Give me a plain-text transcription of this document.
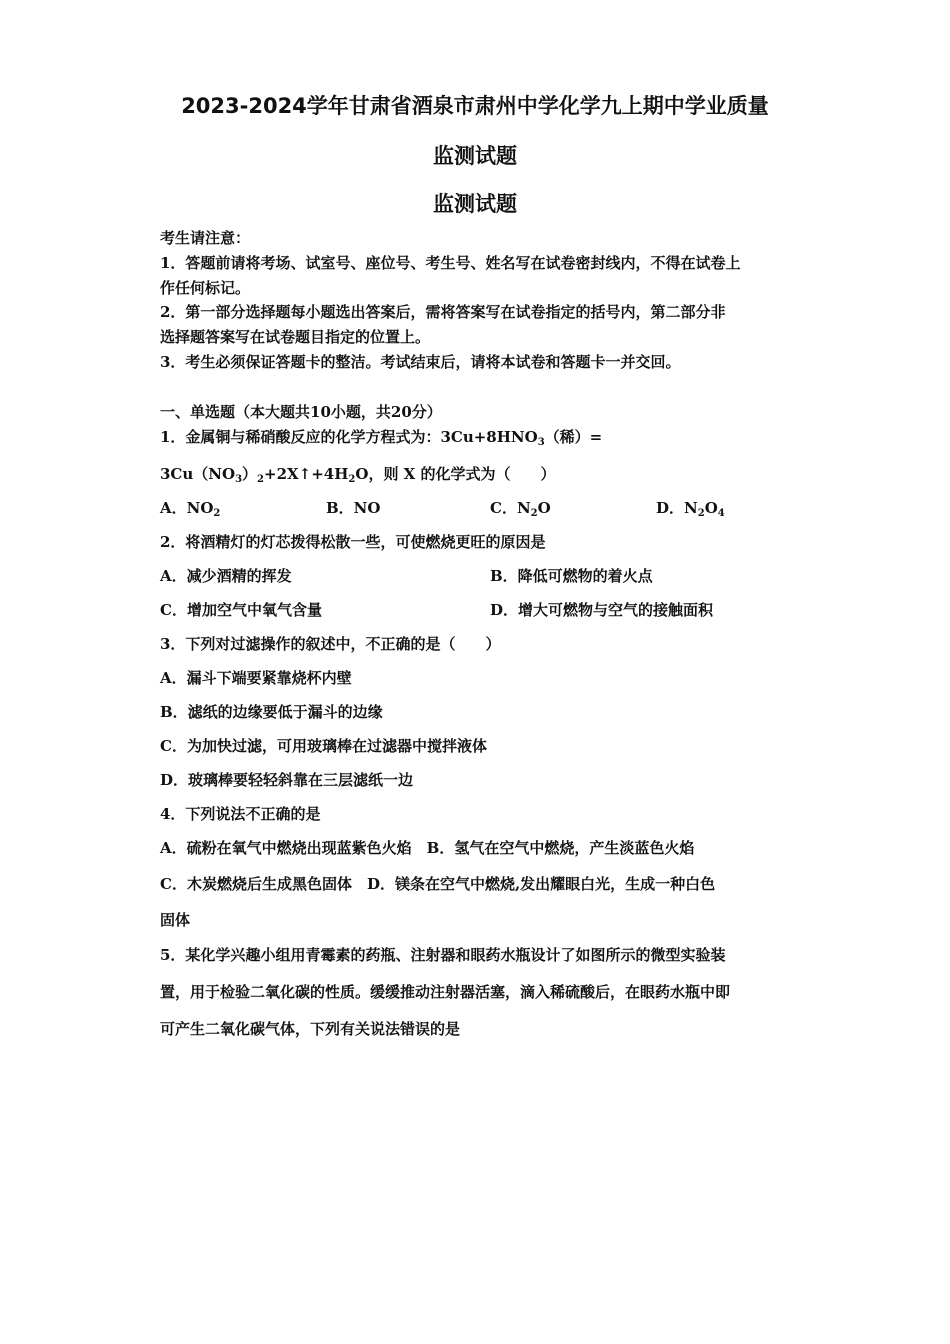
2023-2024学年甘肃省酒泉市肃州中学化学九上期中学业质量
监测试题
监测试题
考生请注意：
1．答题前请将考场、试室号、座位号、考生号、姓名写在试卷密封线内，不得在试卷上
作任何标记。
2．第一部分选择题每小题选出答案后，需将答案写在试卷指定的括号内，第二部分非
选择题答案写在试卷题目指定的位置上。
3．考生必须保证答题卡的整洁。考试结束后，请将本试卷和答题卡一并交回。
一、单选题（本大题共10小题，共20分）
1．金属铜与稀硝酸反应的化学方程式为：$3Cu+8HNO_3$（稀）=
$3Cu(NO_3)_2+2X↑+4H_2O$，则 X 的化学式为（　　）
A．$NO_2$	B．NO	C．$N_2O$	D．$N_2O_4$
2．将酒精灯的灯芯拨得松散一些，可使燃烧更旺的原因是
A．减少酒精的挥发	B．降低可燃物的着火点
C．增加空气中氧气含量	D．增大可燃物与空气的接触面积
3．下列对过滤操作的叙述中，不正确的是（　　）
A．漏斗下端要紧靠烧杯内壁
B．滤纸的边缘要低于漏斗的边缘
C．为加快过滤，可用玻璃棒在过滤器中搅拌液体
D．玻璃棒要轻轻斜靠在三层滤纸一边
4．下列说法不正确的是
A．硫粉在氧气中燃烧出现蓝紫色火焰　B．氢气在空气中燃烧，产生淡蓝色火焰
C．木炭燃烧后生成黑色固体　D．镁条在空气中燃烧,发出耀眼白光，生成一种白色
固体
5．某化学兴趣小组用青霉素的药瓶、注射器和眼药水瓶设计了如图所示的微型实验装
置，用于检验二氧化碳的性质。缓缓推动注射器活塞，滴入稀硫酸后，在眼药水瓶中即
可产生二氧化碳气体，下列有关说法错误的是
